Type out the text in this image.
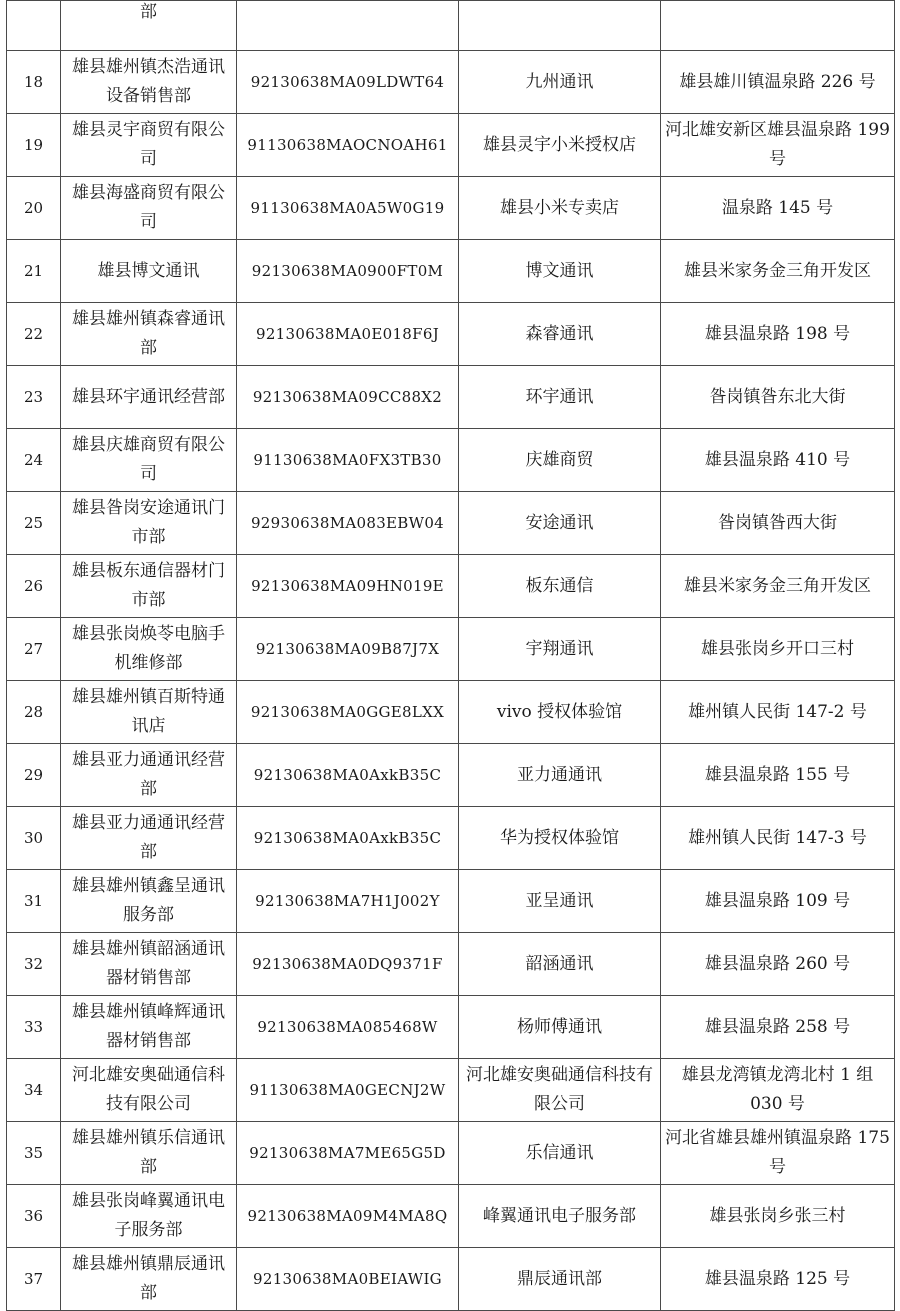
	部			
18	雄县雄州镇杰浩通讯设备销售部	92130638MA09LDWT64	九州通讯	雄县雄川镇温泉路 226 号
19	雄县灵宇商贸有限公司	91130638MAOCNOAH61	雄县灵宇小米授权店	河北雄安新区雄县温泉路 199 号
20	雄县海盛商贸有限公司	91130638MA0A5W0G19	雄县小米专卖店	温泉路 145 号
21	雄县博文通讯	92130638MA0900FT0M	博文通讯	雄县米家务金三角开发区
22	雄县雄州镇森睿通讯部	92130638MA0E018F6J	森睿通讯	雄县温泉路 198 号
23	雄县环宇通讯经营部	92130638MA09CC88X2	环宇通讯	昝岗镇昝东北大街
24	雄县庆雄商贸有限公司	91130638MA0FX3TB30	庆雄商贸	雄县温泉路 410 号
25	雄县昝岗安途通讯门市部	92930638MA083EBW04	安途通讯	昝岗镇昝西大街
26	雄县板东通信器材门市部	92130638MA09HN019E	板东通信	雄县米家务金三角开发区
27	雄县张岗焕苓电脑手机维修部	92130638MA09B87J7X	宇翔通讯	雄县张岗乡开口三村
28	雄县雄州镇百斯特通讯店	92130638MA0GGE8LXX	vivo 授权体验馆	雄州镇人民街 147-2 号
29	雄县亚力通通讯经营部	92130638MA0AxkB35C	亚力通通讯	雄县温泉路 155 号
30	雄县亚力通通讯经营部	92130638MA0AxkB35C	华为授权体验馆	雄州镇人民街 147-3 号
31	雄县雄州镇鑫呈通讯服务部	92130638MA7H1J002Y	亚呈通讯	雄县温泉路 109 号
32	雄县雄州镇韶涵通讯器材销售部	92130638MA0DQ9371F	韶涵通讯	雄县温泉路 260 号
33	雄县雄州镇峰辉通讯器材销售部	92130638MA085468W	杨师傅通讯	雄县温泉路 258 号
34	河北雄安奥础通信科技有限公司	91130638MA0GECNJ2W	河北雄安奥础通信科技有限公司	雄县龙湾镇龙湾北村 1 组 030 号
35	雄县雄州镇乐信通讯部	92130638MA7ME65G5D	乐信通讯	河北省雄县雄州镇温泉路 175 号
36	雄县张岗峰翼通讯电子服务部	92130638MA09M4MA8Q	峰翼通讯电子服务部	雄县张岗乡张三村
37	雄县雄州镇鼎辰通讯部	92130638MA0BEIAWIG	鼎辰通讯部	雄县温泉路 125 号
